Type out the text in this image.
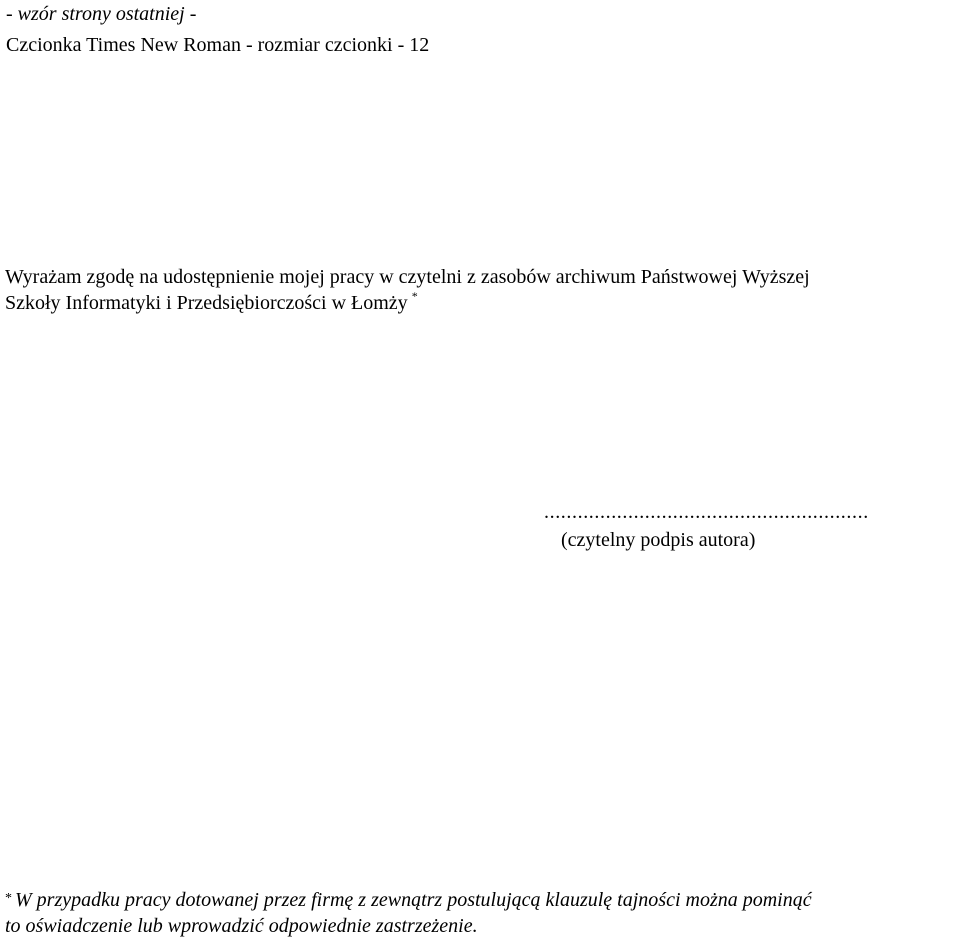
- wzór strony ostatniej -
Czcionka Times New Roman - rozmiar czcionki - 12
Wyrażam zgodę na udostępnienie mojej pracy w czytelni z zasobów archiwum Państwowej Wyższej
Szkoły Informatyki i Przedsiębiorczości w Łomży *
..........................................................
(czytelny podpis autora)
* W przypadku pracy dotowanej przez firmę z zewnątrz postulującą klauzulę tajności można pominąć
to oświadczenie lub wprowadzić odpowiednie zastrzeżenie.
